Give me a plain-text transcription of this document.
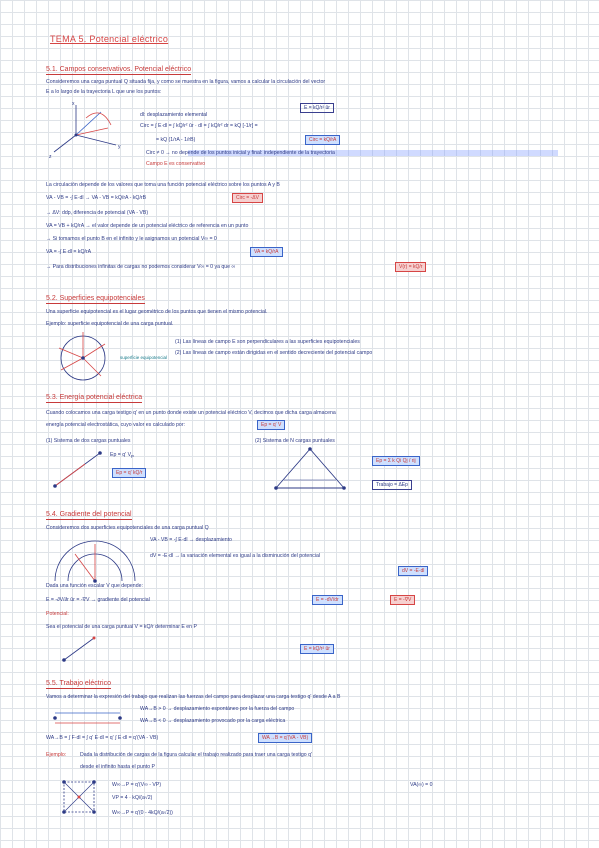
TEMA 5. Potencial eléctrico
5.1. Campos conservativos. Potencial eléctrico
Consideremos una carga puntual Q situada fija, y como se muestra en la figura, vamos a calcular la circulación del vector
E a lo largo de la trayectoria L que une los puntos:
E = kQ/r² ûr
dl: desplazamiento elemental
Circ = ∫ E·dl = ∫ kQ/r² ûr · dl = ∫ kQ/r² dr = kQ [-1/r] =
= kQ (1/rA - 1/rB)	Circ = kQ/rA
Circ ≠ 0 → no depende de los puntos inicial y final: independiente de la trayectoria
Campo E es conservativo
z
y
x
La circulación depende de los valores que toma una función potencial eléctrico sobre los puntos A y B
VA - VB = -∫ E·dl → VA - VB = kQ/rA - kQ/rB	Circ = -ΔV
→ ΔV: ddp, diferencia de potencial (VA - VB)
VA = VB + kQ/rA → el valor depende de un potencial eléctrico de referencia en un punto
→ Si tomamos el punto B en el infinito y le asignamos un potencial V∞ = 0
VA = -∫ E·dl = kQ/rA	VA = kQ/rA
→ Para distribuciones infinitas de cargas no podemos considerar V∞ = 0 ya que ∞	V(r) = kQ/r
5.2. Superficies equipotenciales
Una superficie equipotencial es el lugar geométrico de los puntos que tienen el mismo potencial.
Ejemplo: superficie equipotencial de una carga puntual.
superficie equipotencial
(1) Las líneas de campo E son perpendiculares a las superficies equipotenciales
(2) Las líneas de campo están dirigidas en el sentido decreciente del potencial campo
5.3. Energía potencial eléctrica
Cuando colocamos una carga testigo q' en un punto donde existe un potencial eléctrico V, decimos que dicha carga almacena
energía potencial electrostática, cuyo valor es calculado por:	Ep = q' V
(1) Sistema de dos cargas puntuales	(2) Sistema de N cargas puntuales
Ep = q' $V_P$
Ep = q' kQ/r
Ep = Σ k Qi Qj / rij
Trabajo = ΔEp
5.4. Gradiente del potencial
Consideremos dos superficies equipotenciales de una carga puntual Q
VA - VB = -∫ E·dl → desplazamiento
dV = -E·dl → la variación elemental es igual a la disminución del potencial
dV = -E·dl
Dada una función escalar V que depende:
E = -∂V/∂r ûr = -∇V → gradiente del potencial	E = -dV/dr	E = -∇V
Potencial:
Sea el potencial de una carga puntual V = kQ/r determinar E en P
E = kQ/r² ûr
5.5. Trabajo eléctrico
Vamos a determinar la expresión del trabajo que realizan las fuerzas del campo para desplazar una carga testigo q' desde A a B
WA→B > 0 → desplazamiento espontáneo por la fuerza del campo
WA→B < 0 → desplazamiento provocado por la carga eléctrica
WA→B = ∫ F·dl = ∫ q' E·dl = q' ∫ E·dl = q'(VA - VB)	WA→B = q'(VA - VB)
Ejemplo:	Dada la distribución de cargas de la figura calcular el trabajo realizado para traer una carga testigo q'
desde el infinito hasta el punto P
W∞→P = q'(V∞ - VP)
VP = 4 · kQ/(a√2)
W∞→P = q'(0 - 4kQ/(a√2))
VA(∞) = 0
